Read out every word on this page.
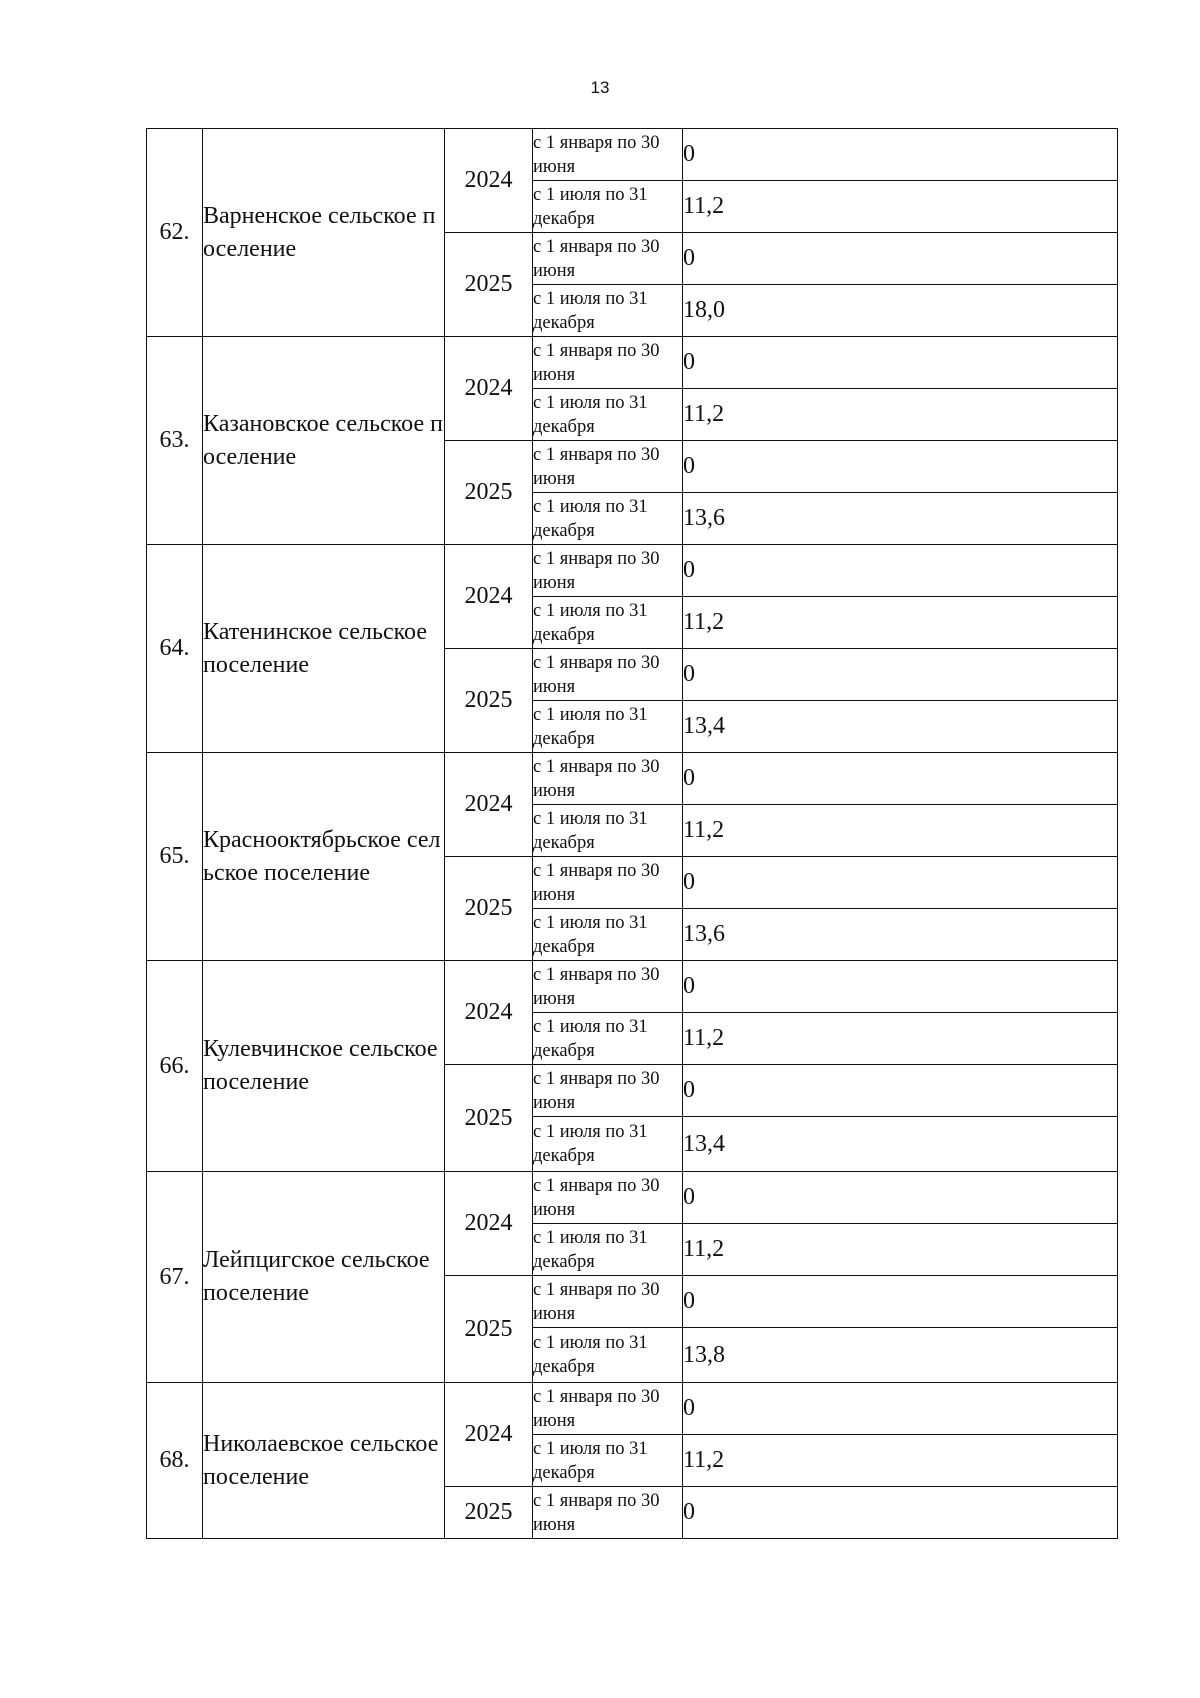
13
62.	Варненское сельское поселение	2024	с 1 января по 30 июня	0
			с 1 июля по 31 декабря	11,2
		2025	с 1 января по 30 июня	0
			с 1 июля по 31 декабря	18,0
63.	Казановское сельское поселение	2024	с 1 января по 30 июня	0
			с 1 июля по 31 декабря	11,2
		2025	с 1 января по 30 июня	0
			с 1 июля по 31 декабря	13,6
64.	Катенинское сельское поселение	2024	с 1 января по 30 июня	0
			с 1 июля по 31 декабря	11,2
		2025	с 1 января по 30 июня	0
			с 1 июля по 31 декабря	13,4
65.	Краснооктябрьское сельское поселение	2024	с 1 января по 30 июня	0
			с 1 июля по 31 декабря	11,2
		2025	с 1 января по 30 июня	0
			с 1 июля по 31 декабря	13,6
66.	Кулевчинское сельское поселение	2024	с 1 января по 30 июня	0
			с 1 июля по 31 декабря	11,2
		2025	с 1 января по 30 июня	0
			с 1 июля по 31 декабря	13,4
67.	Лейпцигское сельское поселение	2024	с 1 января по 30 июня	0
			с 1 июля по 31 декабря	11,2
		2025	с 1 января по 30 июня	0
			с 1 июля по 31 декабря	13,8
68.	Николаевское сельское поселение	2024	с 1 января по 30 июня	0
			с 1 июля по 31 декабря	11,2
		2025	с 1 января по 30 июня	0
